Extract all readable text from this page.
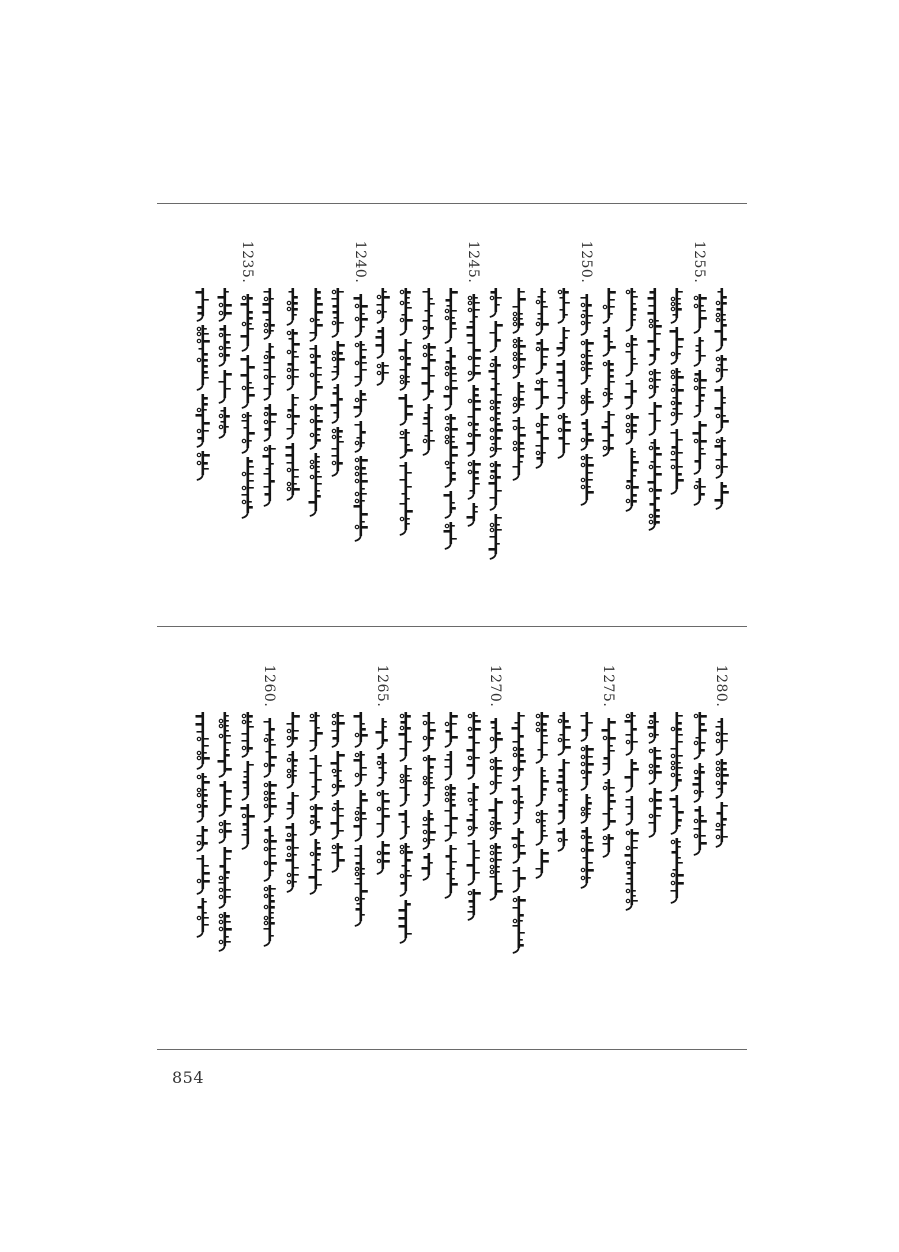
1255.
1250.
1245.
1240.
1235.
1280.
1275.
1270.
1265.
1260.
854
